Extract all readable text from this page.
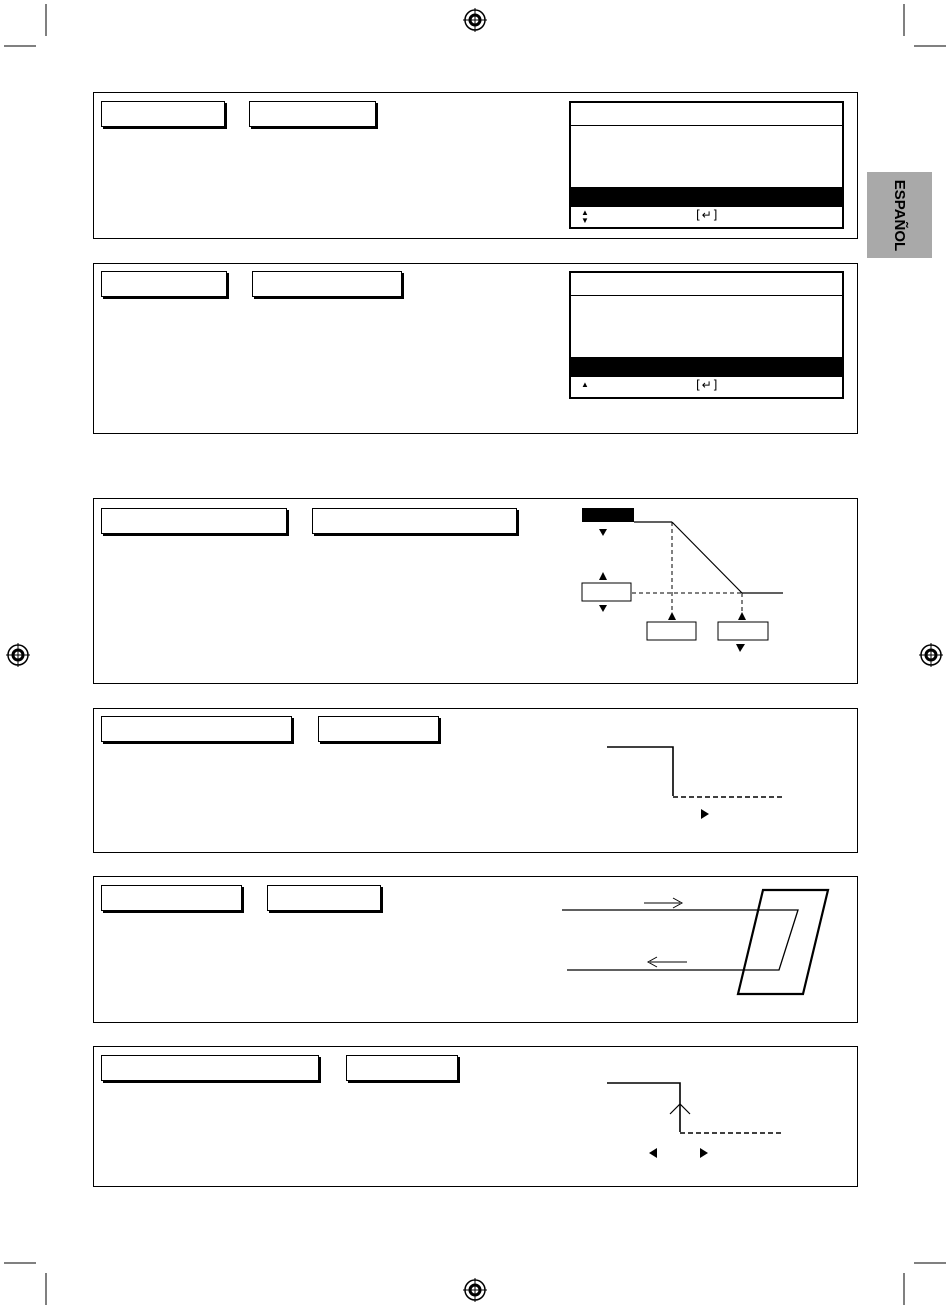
ESPAÑOL
▲
▼	[↵]
▲	[↵]
